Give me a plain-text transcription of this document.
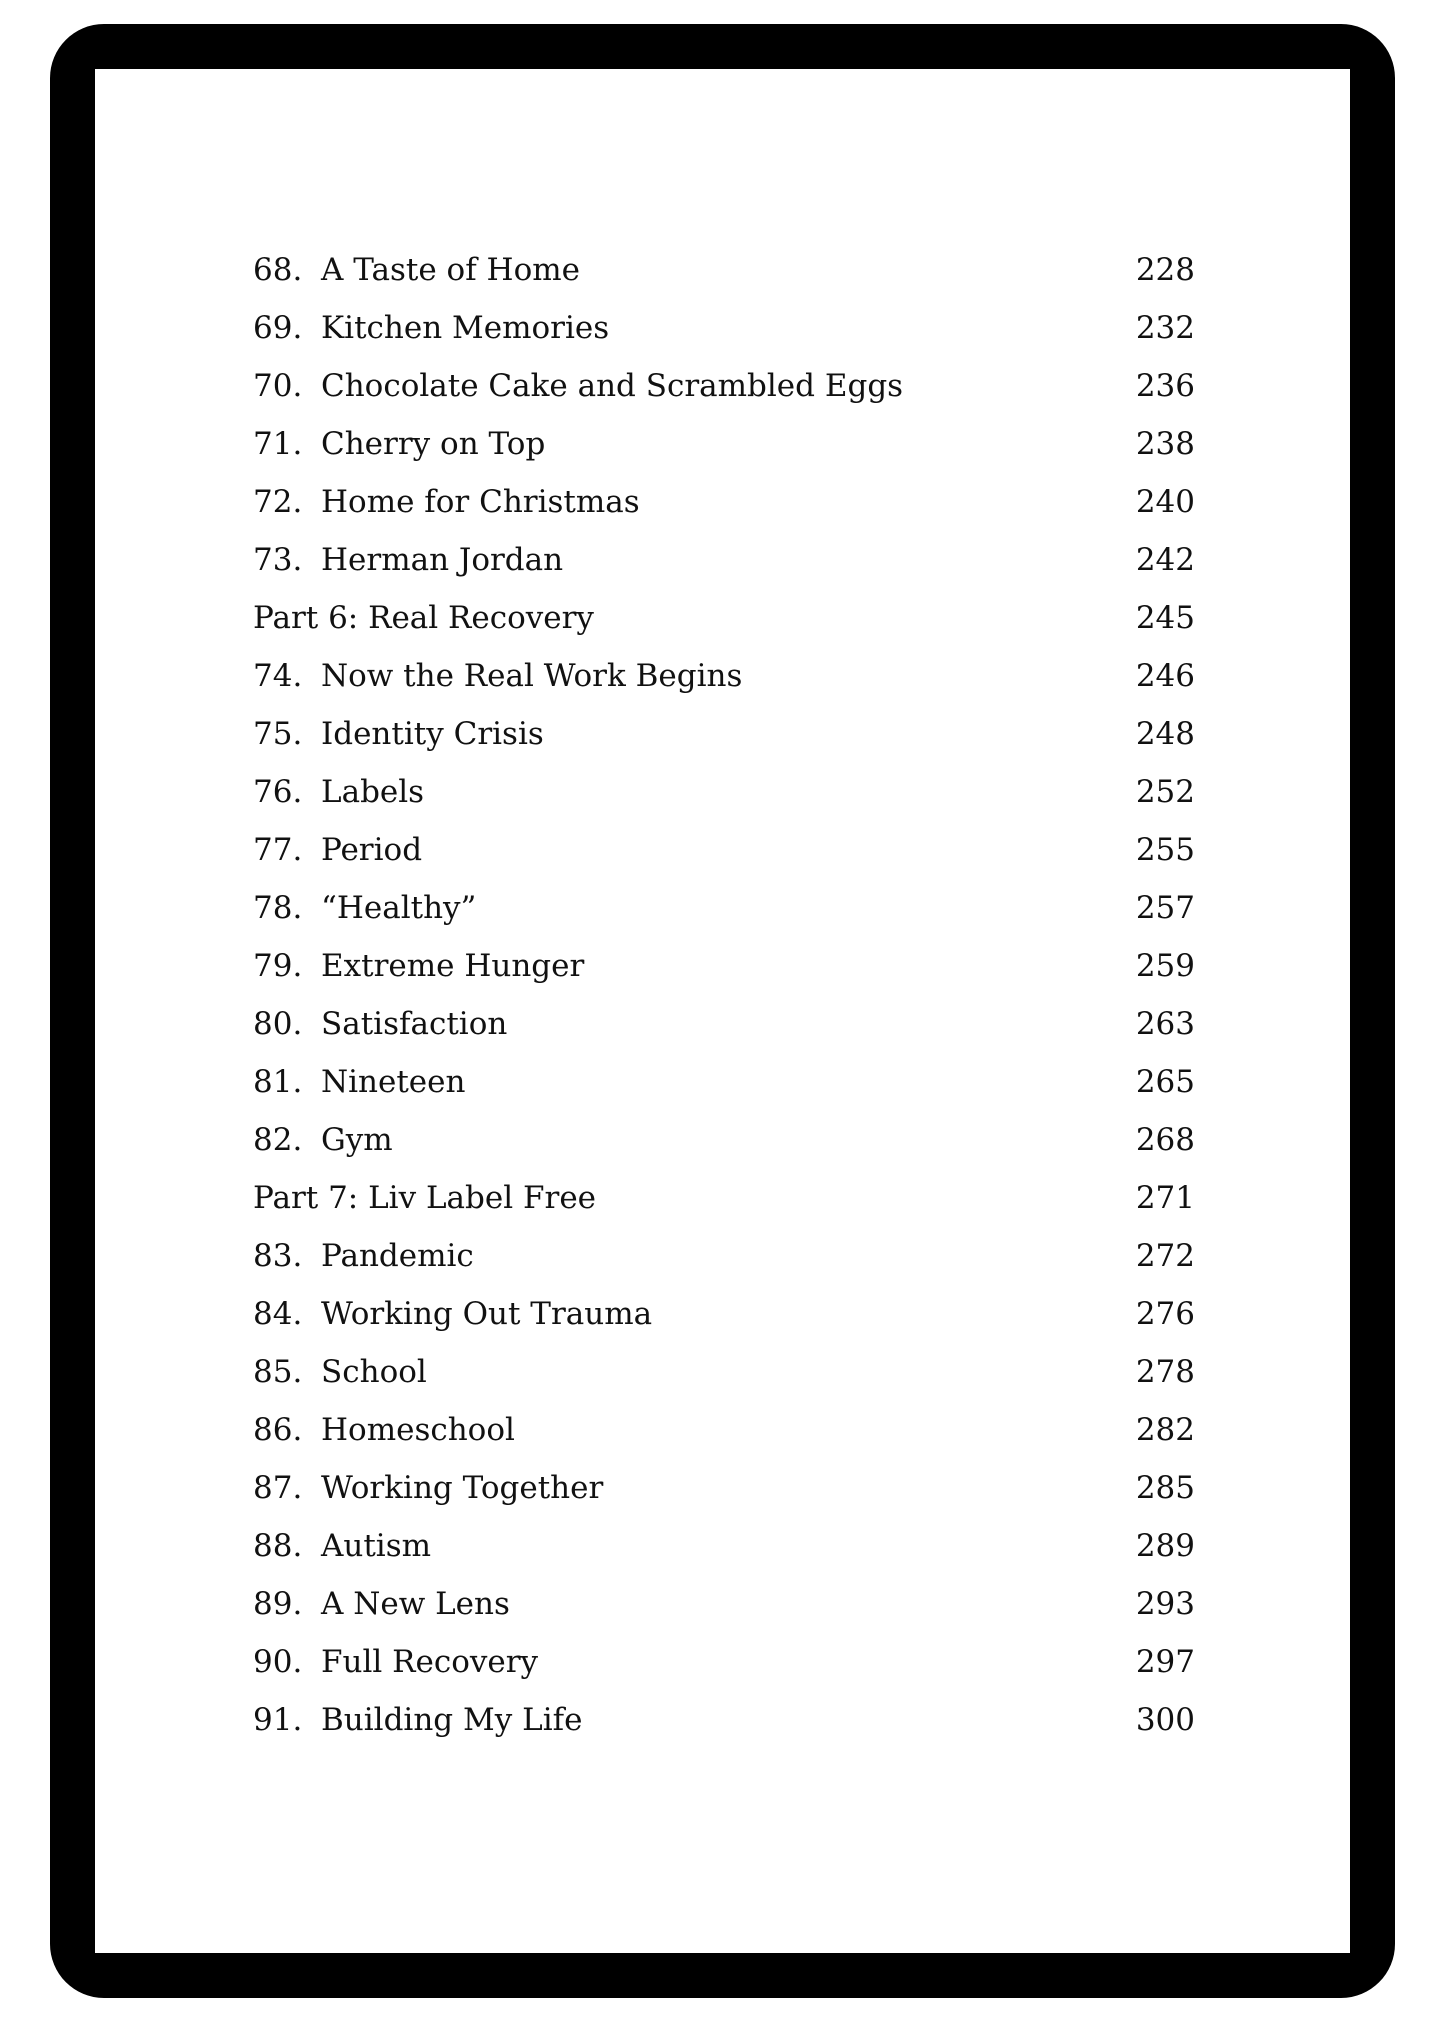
68. A Taste of Home	228
69. Kitchen Memories	232
70. Chocolate Cake and Scrambled Eggs	236
71. Cherry on Top	238
72. Home for Christmas	240
73. Herman Jordan	242
Part 6: Real Recovery	245
74. Now the Real Work Begins	246
75. Identity Crisis	248
76. Labels	252
77. Period	255
78. “Healthy”	257
79. Extreme Hunger	259
80. Satisfaction	263
81. Nineteen	265
82. Gym	268
Part 7: Liv Label Free	271
83. Pandemic	272
84. Working Out Trauma	276
85. School	278
86. Homeschool	282
87. Working Together	285
88. Autism	289
89. A New Lens	293
90. Full Recovery	297
91. Building My Life	300
